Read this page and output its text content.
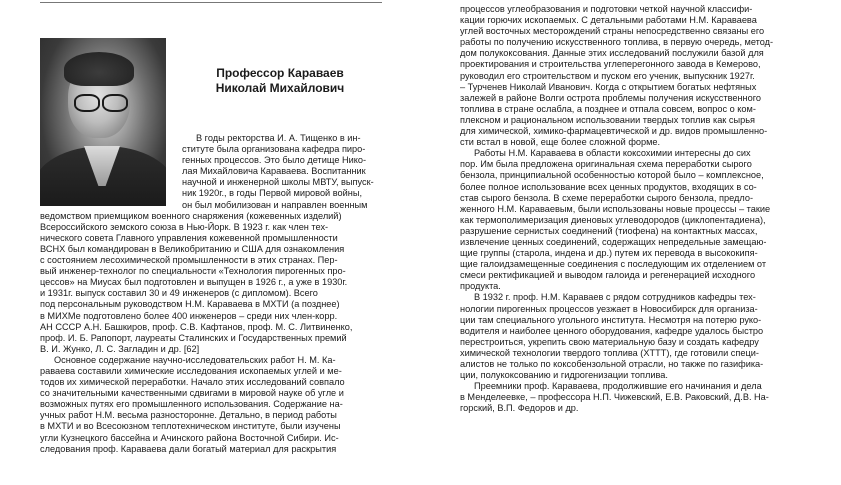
Профессор Караваев
Николай Михайлович
В годы ректорства И. А. Тищенко в ин-
ституте была организована кафедра пиро-
генных процессов. Это было детище Нико-
лая Михайловича Караваева. Воспитанник
научной и инженерной школы МВТУ, выпуск-
ник 1920г., в годы Первой мировой войны,
он был мобилизован и направлен военным
ведомством приемщиком военного снаряжения (кожевенных изделий)
Всероссийского земского союза в Нью-Йорк. В 1923 г. как член тех-
нического совета Главного управления кожевенной промышленности
ВСНХ был командирован в Великобританию и США для ознакомления
с состоянием лесохимической промышленности в этих странах. Пер-
вый инженер-технолог по специальности «Технология пирогенных про-
цессов» на Миусах был подготовлен и выпущен в 1926 г., а уже в 1930г.
и 1931г. выпуск составил 30 и 49 инженеров (с дипломом). Всего
под персональным руководством Н.М. Караваева в МХТИ (а позднее)
в МИХМе подготовлено более 400 инженеров – среди них член-корр.
АН СССР А.Н. Башкиров, проф. С.В. Кафтанов, проф. М. С. Литвиненко,
проф. И. Б. Рапопорт, лауреаты Сталинских и Государственных премий
В. И. Жунко, Л. С. Загладин и др. [62]
Основное содержание научно-исследовательских работ Н. М. Ка-
раваева составили химические исследования ископаемых углей и ме-
тодов их химической переработки. Начало этих исследований совпало
со значительными качественными сдвигами в мировой науке об угле и
возможных путях его промышленного использования. Содержание на-
учных работ Н.М. весьма разносторонне. Детально, в период работы
в МХТИ и во Всесоюзном теплотехническом институте, были изучены
угли Кузнецкого бассейна и Ачинского района Восточной Сибири. Ис-
следования проф. Караваева дали богатый материал для раскрытия
процессов углеобразования и подготовки четкой научной классифи-
кации горючих ископаемых. С детальными работами Н.М. Караваева
углей восточных месторождений страны непосредственно связаны его
работы по получению искусственного топлива, в первую очередь, метод-
дом полукоксования. Данные этих исследований послужили базой для
проектирования и строительства углеперегонного завода в Кемерово,
руководил его строительством и пуском его ученик, выпускник 1927г.
– Турченев Николай Иванович. Когда с открытием богатых нефтяных
залежей в районе Волги острота проблемы получения искусственного
топлива в стране ослабла, а позднее и отпала совсем, вопрос о ком-
плексном и рациональном использовании твердых топлив как сырья
для химической, химико-фармацевтической и др. видов промышленно-
сти встал в новой, еще более сложной форме.
Работы Н.М. Караваева в области коксохимии интересны до сих
пор. Им была предложена оригинальная схема переработки сырого
бензола, принципиальной особенностью которой было – комплексное,
более полное использование всех ценных продуктов, входящих в со-
став сырого бензола. В схеме переработки сырого бензола, предло-
женного Н.М. Караваевым, были использованы новые процессы – такие
как термополимеризация диеновых углеводородов (циклопентадиена),
разрушение сернистых соединений (тиофена) на контактных массах,
извлечение ценных соединений, содержащих непредельные замещаю-
щие группы (старола, индена и др.) путем их перевода в высококипя-
щие галоидзамещенные соединения с последующим их отделением от
смеси ректификацией и выводом галоида и регенерацией исходного
продукта.
В 1932 г. проф. Н.М. Караваев с рядом сотрудников кафедры тех-
нологии пирогенных процессов уезжает в Новосибирск для организа-
ции там специального угольного института. Несмотря на потерю руко-
водителя и наиболее ценного оборудования, кафедре удалось быстро
перестроиться, укрепить свою материальную базу и создать кафедру
химической технологии твердого топлива (ХТТТ), где готовили специ-
алистов не только по коксобензольной отрасли, но также по газифика-
ции, полукоксованию и гидрогенизации топлива.
Преемники проф. Караваева, продолжившие его начинания и дела
в Менделеевке, – профессора Н.П. Чижевский, Е.В. Раковский, Д.В. На-
горский, В.П. Федоров и др.
